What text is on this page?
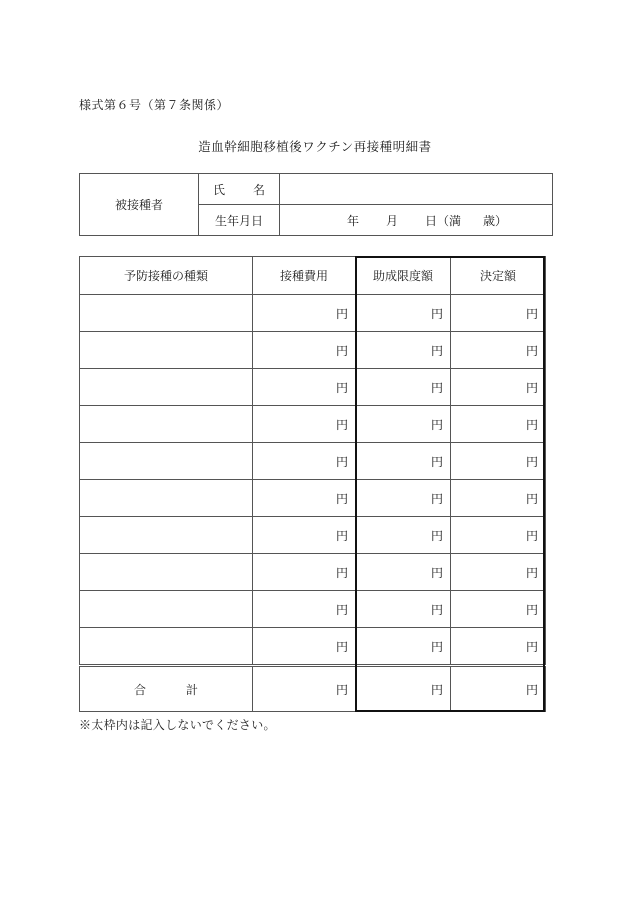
様式第６号（第７条関係）
造血幹細胞移植後ワクチン再接種明細書
被接種者	氏 名	
	生年月日	年 月 日（満 歳）
予防接種の種類	接種費用	助成限度額	決定額
	円	円	円
	円	円	円
	円	円	円
	円	円	円
	円	円	円
	円	円	円
	円	円	円
	円	円	円
	円	円	円
	円	円	円
合 計	円	円	円
※太枠内は記入しないでください。
